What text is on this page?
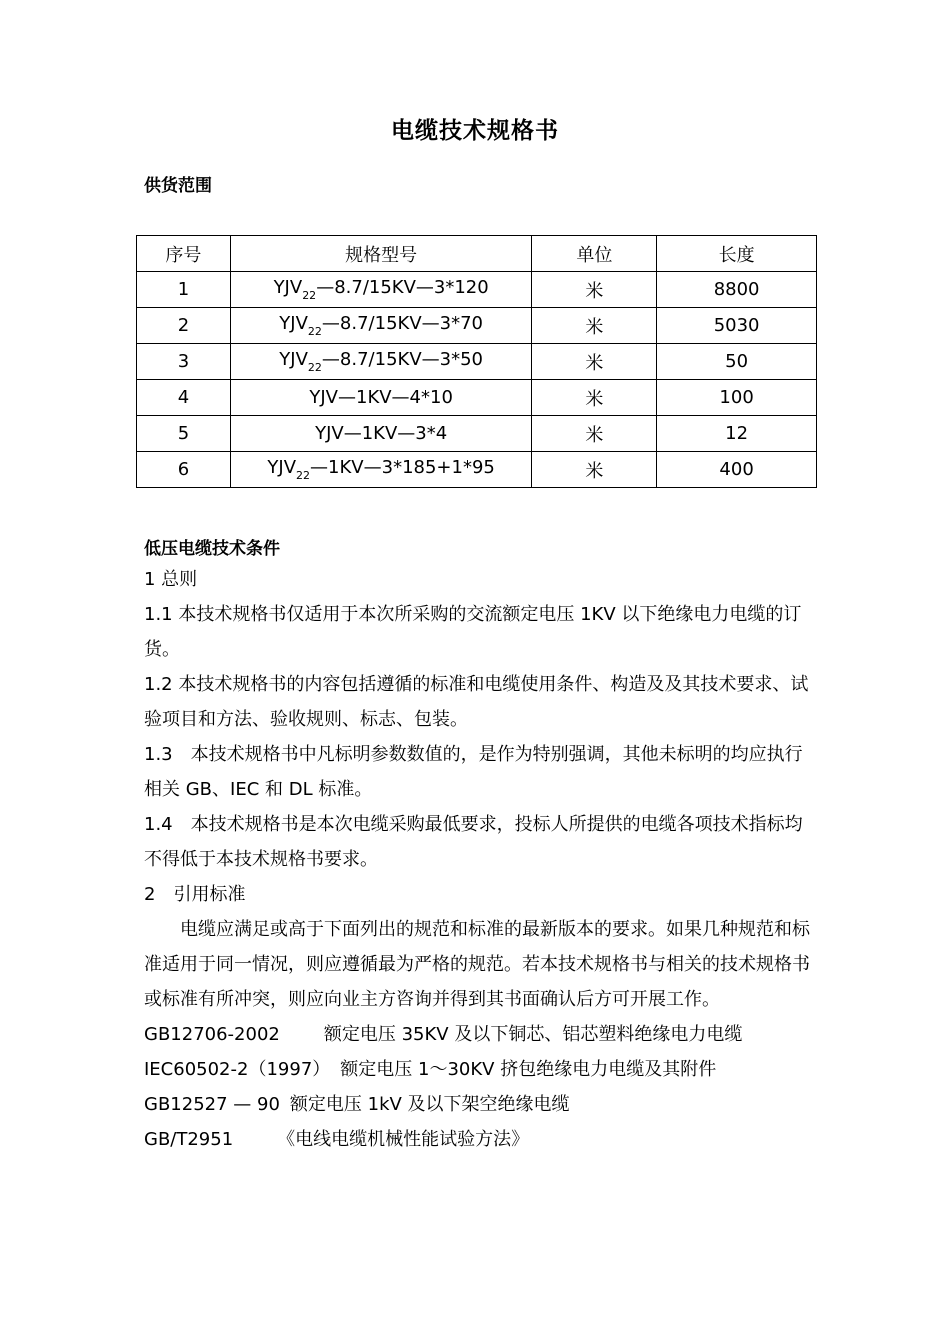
电缆技术规格书
供货范围
序号	规格型号	单位	长度
1	$YJV_{22}—8.7/15KV—3*120$	米	8800
2	$YJV_{22}—8.7/15KV—3*70$	米	5030
3	$YJV_{22}—8.7/15KV—3*50$	米	50
4	YJV—1KV—4*10	米	100
5	YJV—1KV—3*4	米	12
6	$YJV_{22}—1KV—3*185+1*95$	米	400
低压电缆技术条件

1 总则

1.1 本技术规格书仅适用于本次所采购的交流额定电压 1KV 以下绝缘电力电缆的订货。

1.2 本技术规格书的内容包括遵循的标准和电缆使用条件、构造及及其技术要求、试验项目和方法、验收规则、标志、包装。

1.3 本技术规格书中凡标明参数数值的，是作为特别强调，其他未标明的均应执行相关 GB、IEC 和 DL 标准。

1.4 本技术规格书是本次电缆采购最低要求，投标人所提供的电缆各项技术指标均不得低于本技术规格书要求。

2 引用标准

电缆应满足或高于下面列出的规范和标准的最新版本的要求。如果几种规范和标准适用于同一情况，则应遵循最为严格的规范。若本技术规格书与相关的技术规格书或标准有所冲突，则应向业主方咨询并得到其书面确认后方可开展工作。

GB12706-2002 额定电压 35KV 及以下铜芯、铝芯塑料绝缘电力电缆

IEC60502-2（1997） 额定电压 1～30KV 挤包绝缘电力电缆及其附件

GB12527 — 90 额定电压 1kV 及以下架空绝缘电缆

GB/T2951 《电线电缆机械性能试验方法》
